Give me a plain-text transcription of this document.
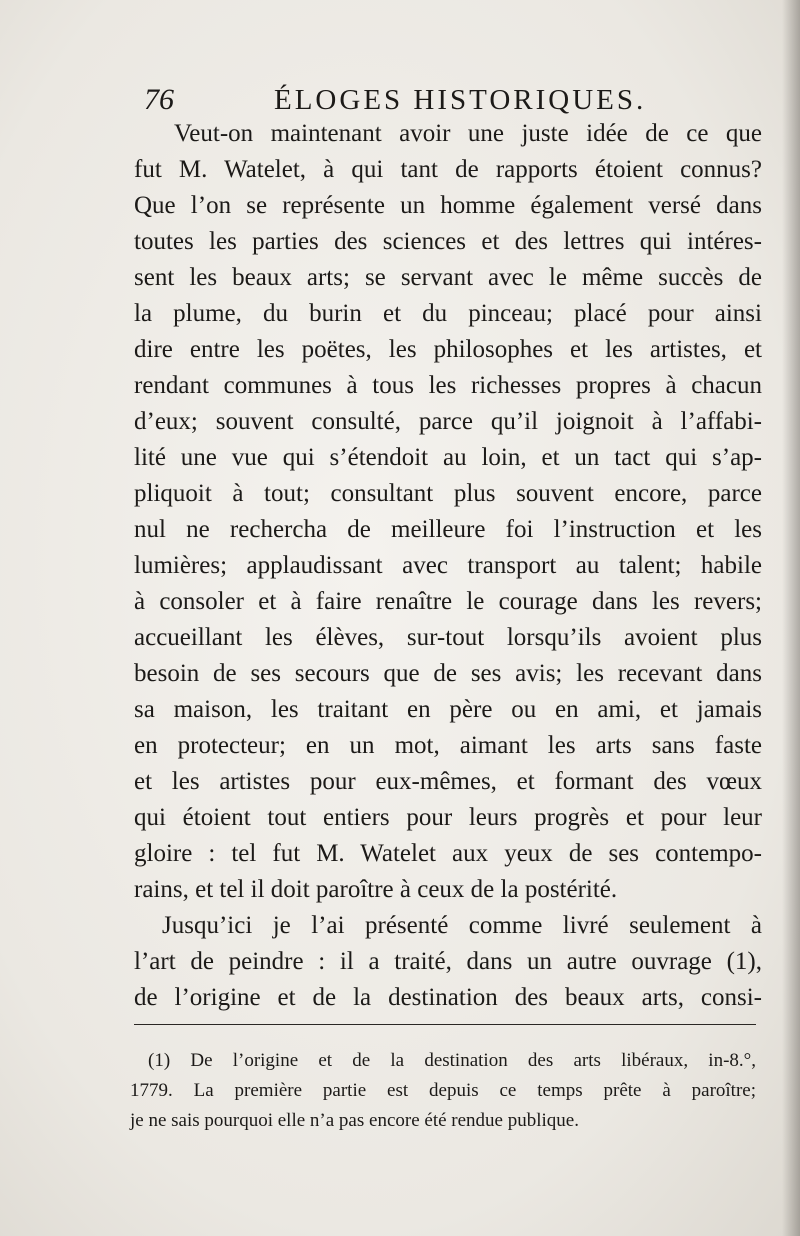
76	ÉLOGES HISTORIQUES.
Veut-on maintenant avoir une juste idée de ce que
fut M. Watelet, à qui tant de rapports étoient connus?
Que l’on se représente un homme également versé dans
toutes les parties des sciences et des lettres qui intéres-
sent les beaux arts; se servant avec le même succès de
la plume, du burin et du pinceau; placé pour ainsi
dire entre les poëtes, les philosophes et les artistes, et
rendant communes à tous les richesses propres à chacun
d’eux; souvent consulté, parce qu’il joignoit à l’affabi-
lité une vue qui s’étendoit au loin, et un tact qui s’ap-
pliquoit à tout; consultant plus souvent encore, parce
nul ne rechercha de meilleure foi l’instruction et les
lumières; applaudissant avec transport au talent; habile
à consoler et à faire renaître le courage dans les revers;
accueillant les élèves, sur-tout lorsqu’ils avoient plus
besoin de ses secours que de ses avis; les recevant dans
sa maison, les traitant en père ou en ami, et jamais
en protecteur; en un mot, aimant les arts sans faste
et les artistes pour eux-mêmes, et formant des vœux
qui étoient tout entiers pour leurs progrès et pour leur
gloire : tel fut M. Watelet aux yeux de ses contempo-
rains, et tel il doit paroître à ceux de la postérité.
Jusqu’ici je l’ai présenté comme livré seulement à
l’art de peindre : il a traité, dans un autre ouvrage (1),
de l’origine et de la destination des beaux arts, consi-
(1) De l’origine et de la destination des arts libéraux, in-8.°,
1779. La première partie est depuis ce temps prête à paroître;
je ne sais pourquoi elle n’a pas encore été rendue publique.
